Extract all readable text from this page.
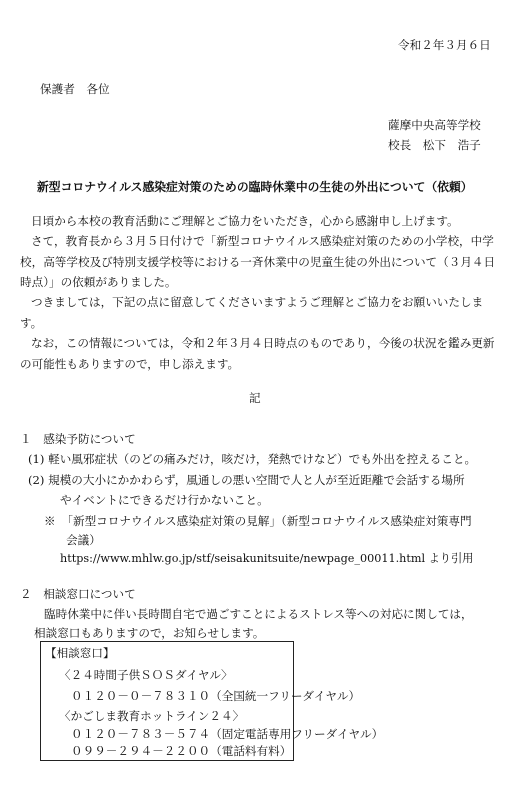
令和２年３月６日
保護者　各位
薩摩中央高等学校
校長　松下　浩子
新型コロナウイルス感染症対策のための臨時休業中の生徒の外出について（依頼）
日頃から本校の教育活動にご理解とご協力をいただき，心から感謝申し上げます。
さて，教育長から３月５日付けで「新型コロナウイルス感染症対策のための小学校，中学校，高等学校及び特別支援学校等における一斉休業中の児童生徒の外出について（３月４日時点）」の依頼がありました。
つきましては，下記の点に留意してくださいますようご理解とご協力をお願いいたします。
なお，この情報については，令和２年３月４日時点のものであり，今後の状況を鑑み更新の可能性もありますので，申し添えます。
記
１　感染予防について
(1) 軽い風邪症状（のどの痛みだけ，咳だけ，発熱でけなど）でも外出を控えること。
(2) 規模の大小にかかわらず，風通しの悪い空間で人と人が至近距離で会話する場所
やイベントにできるだけ行かないこと。
※　「新型コロナウイルス感染症対策の見解」（新型コロナウイルス感染症対策専門
会議）
https://www.mhlw.go.jp/stf/seisakunitsuite/newpage_00011.html より引用
２　相談窓口について
臨時休業中に伴い長時間自宅で過ごすことによるストレス等への対応に関しては，
相談窓口もありますので，お知らせします。
【相談窓口】
〈２４時間子供ＳＯＳダイヤル〉
０１２０－０－７８３１０（全国統一フリーダイヤル）
〈かごしま教育ホットライン２４〉
０１２０－７８３－５７４（固定電話専用フリーダイヤル）
０９９－２９４－２２００（電話料有料）
